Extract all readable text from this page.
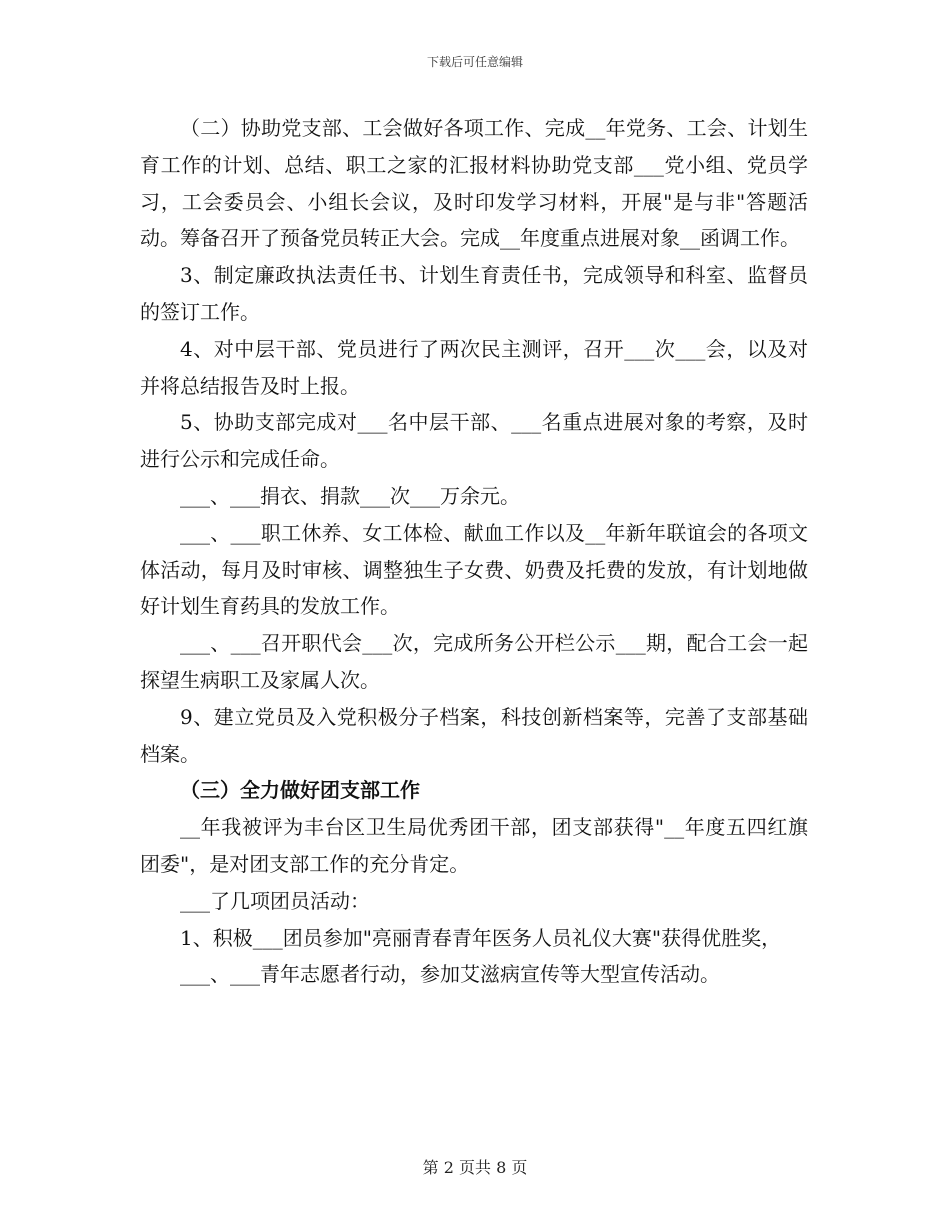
下载后可任意编辑

（二）协助党支部、工会做好各项工作、完成__年党务、工会、计划生育工作的计划、总结、职工之家的汇报材料协助党支部___党小组、党员学习，工会委员会、小组长会议，及时印发学习材料，开展"是与非"答题活动。筹备召开了预备党员转正大会。完成__年度重点进展对象__函调工作。

3、制定廉政执法责任书、计划生育责任书，完成领导和科室、监督员的签订工作。

4、对中层干部、党员进行了两次民主测评，召开___次___会，以及对并将总结报告及时上报。

5、协助支部完成对___名中层干部、___名重点进展对象的考察，及时进行公示和完成任命。

___、___捐衣、捐款___次___万余元。

___、___职工休养、女工体检、献血工作以及__年新年联谊会的各项文体活动，每月及时审核、调整独生子女费、奶费及托费的发放，有计划地做好计划生育药具的发放工作。

___、___召开职代会___次，完成所务公开栏公示___期，配合工会一起探望生病职工及家属人次。

9、建立党员及入党积极分子档案，科技创新档案等，完善了支部基础档案。

（三）全力做好团支部工作

__年我被评为丰台区卫生局优秀团干部，团支部获得"__年度五四红旗团委"，是对团支部工作的充分肯定。

___了几项团员活动：

1、积极___团员参加"亮丽青春青年医务人员礼仪大赛"获得优胜奖，

___、___青年志愿者行动，参加艾滋病宣传等大型宣传活动。

第 2 页共 8 页
